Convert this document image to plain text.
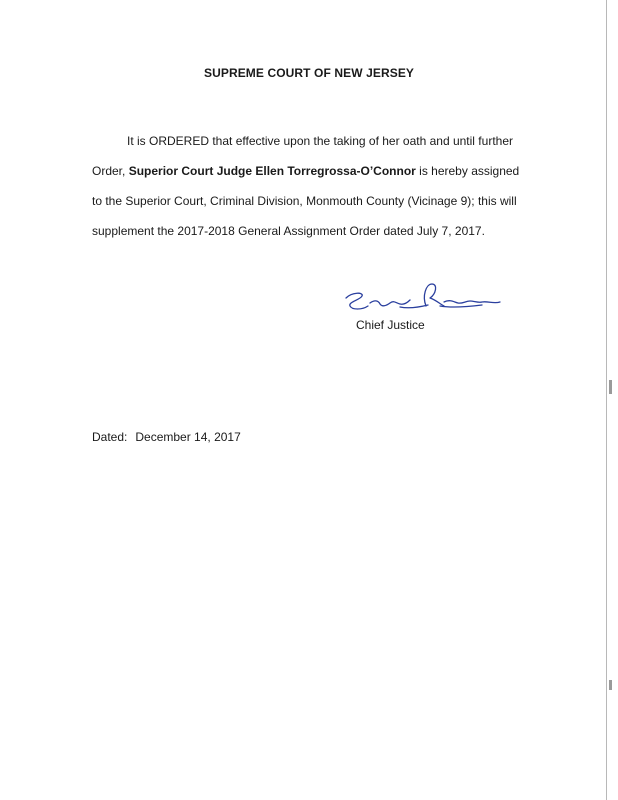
SUPREME COURT OF NEW JERSEY
It is ORDERED that effective upon the taking of her oath and until further
Order, Superior Court Judge Ellen Torregrossa-O’Connor is hereby assigned
to the Superior Court, Criminal Division, Monmouth County (Vicinage 9); this will
supplement the 2017-2018 General Assignment Order dated July 7, 2017.
Chief Justice
Dated: December 14, 2017
